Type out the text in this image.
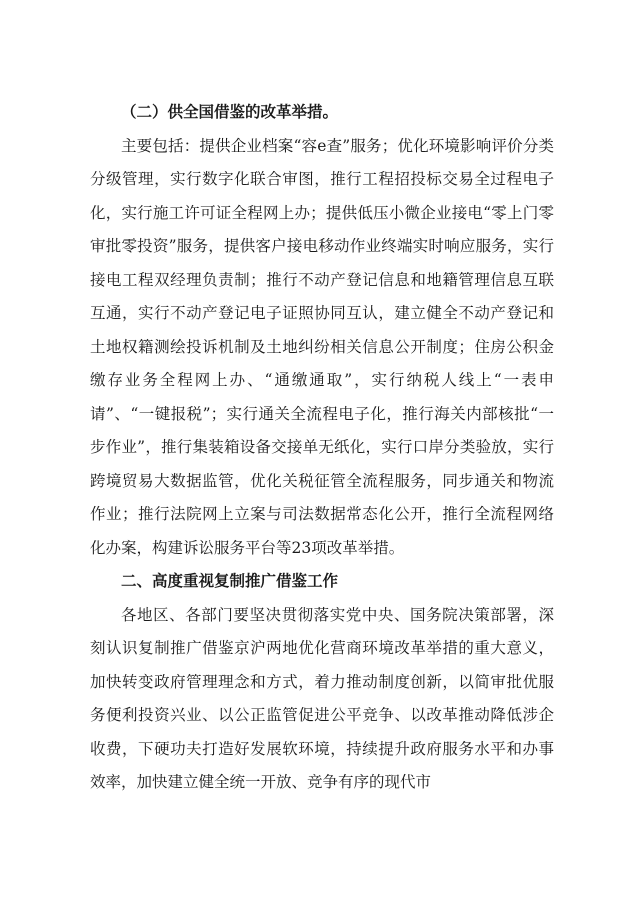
（二）供全国借鉴的改革举措。

主要包括：提供企业档案“容e查”服务；优化环境影响评价分类分级管理，实行数字化联合审图，推行工程招投标交易全过程电子化，实行施工许可证全程网上办；提供低压小微企业接电“零上门零审批零投资”服务，提供客户接电移动作业终端实时响应服务，实行接电工程双经理负责制；推行不动产登记信息和地籍管理信息互联互通，实行不动产登记电子证照协同互认，建立健全不动产登记和土地权籍测绘投诉机制及土地纠纷相关信息公开制度；住房公积金缴存业务全程网上办、“通缴通取”，实行纳税人线上“一表申请”、“一键报税”；实行通关全流程电子化，推行海关内部核批“一步作业”，推行集装箱设备交接单无纸化，实行口岸分类验放，实行跨境贸易大数据监管，优化关税征管全流程服务，同步通关和物流作业；推行法院网上立案与司法数据常态化公开，推行全流程网络化办案，构建诉讼服务平台等23项改革举措。

二、高度重视复制推广借鉴工作

各地区、各部门要坚决贯彻落实党中央、国务院决策部署，深刻认识复制推广借鉴京沪两地优化营商环境改革举措的重大意义，加快转变政府管理理念和方式，着力推动制度创新，以简审批优服务便利投资兴业、以公正监管促进公平竞争、以改革推动降低涉企收费，下硬功夫打造好发展软环境，持续提升政府服务水平和办事效率，加快建立健全统一开放、竞争有序的现代市
